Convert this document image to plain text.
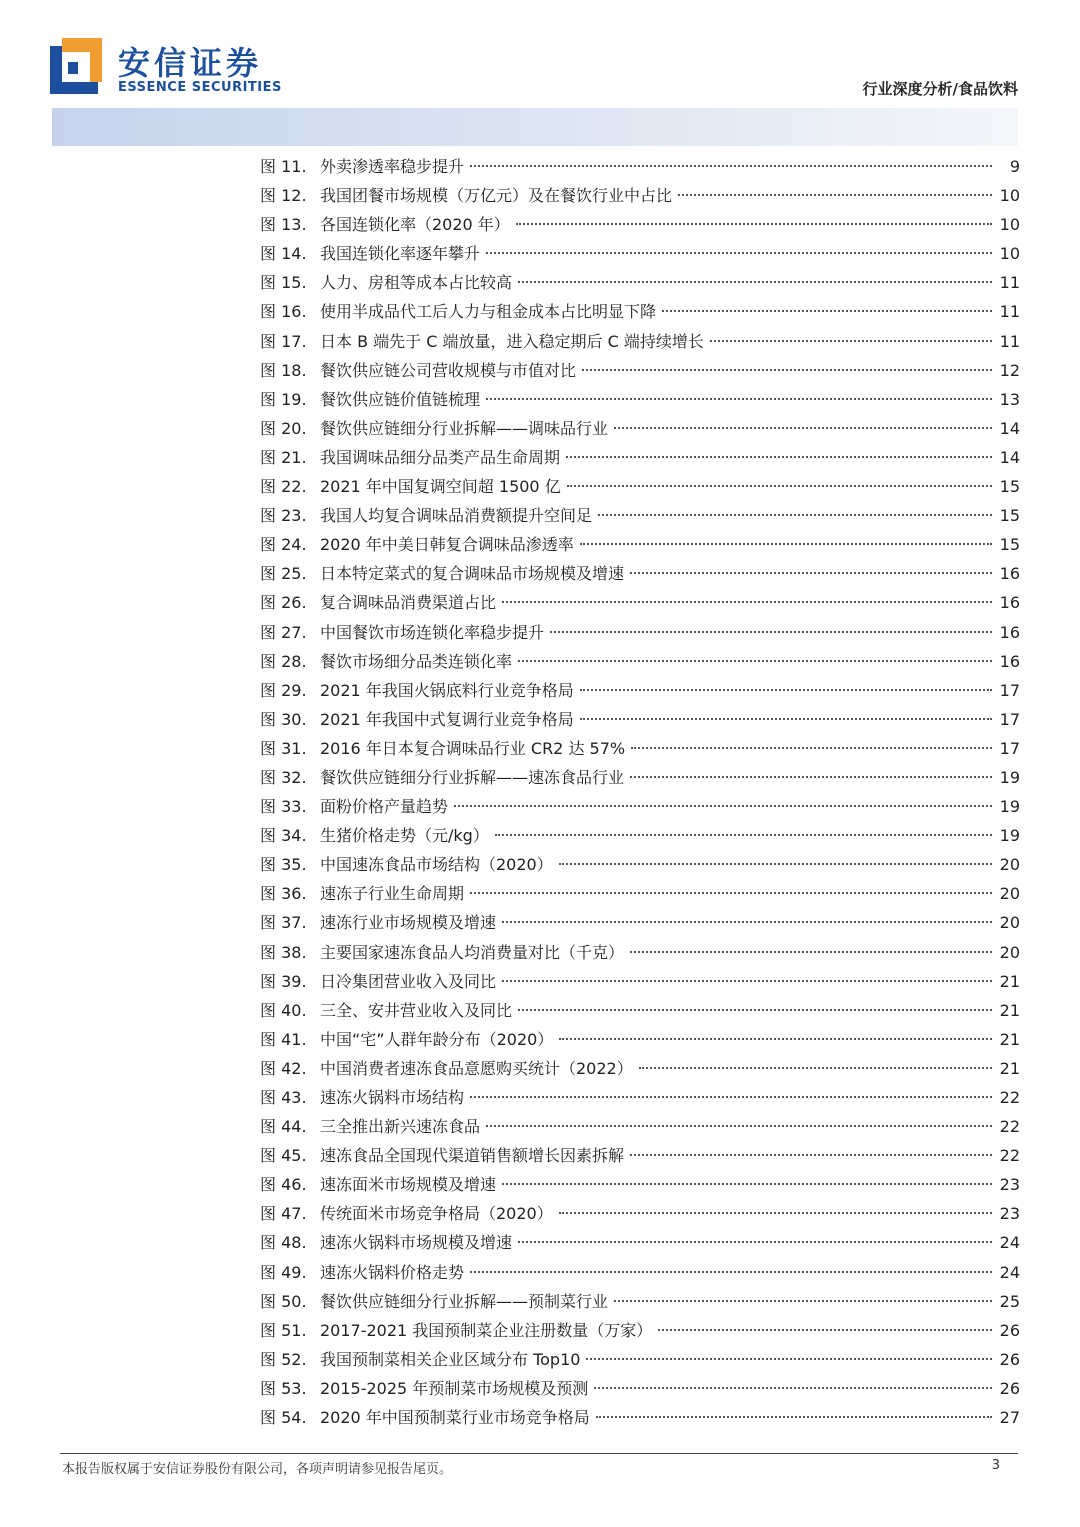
安信证券
ESSENCE SECURITIES	行业深度分析/食品饮料
图 11. 外卖渗透率稳步提升	9
图 12. 我国团餐市场规模（万亿元）及在餐饮行业中占比	10
图 13. 各国连锁化率（2020 年）	10
图 14. 我国连锁化率逐年攀升	10
图 15. 人力、房租等成本占比较高	11
图 16. 使用半成品代工后人力与租金成本占比明显下降	11
图 17. 日本 B 端先于 C 端放量，进入稳定期后 C 端持续增长	11
图 18. 餐饮供应链公司营收规模与市值对比	12
图 19. 餐饮供应链价值链梳理	13
图 20. 餐饮供应链细分行业拆解——调味品行业	14
图 21. 我国调味品细分品类产品生命周期	14
图 22. 2021 年中国复调空间超 1500 亿	15
图 23. 我国人均复合调味品消费额提升空间足	15
图 24. 2020 年中美日韩复合调味品渗透率	15
图 25. 日本特定菜式的复合调味品市场规模及增速	16
图 26. 复合调味品消费渠道占比	16
图 27. 中国餐饮市场连锁化率稳步提升	16
图 28. 餐饮市场细分品类连锁化率	16
图 29. 2021 年我国火锅底料行业竞争格局	17
图 30. 2021 年我国中式复调行业竞争格局	17
图 31. 2016 年日本复合调味品行业 CR2 达 57%	17
图 32. 餐饮供应链细分行业拆解——速冻食品行业	19
图 33. 面粉价格产量趋势	19
图 34. 生猪价格走势（元/kg）	19
图 35. 中国速冻食品市场结构（2020）	20
图 36. 速冻子行业生命周期	20
图 37. 速冻行业市场规模及增速	20
图 38. 主要国家速冻食品人均消费量对比（千克）	20
图 39. 日冷集团营业收入及同比	21
图 40. 三全、安井营业收入及同比	21
图 41. 中国“宅”人群年龄分布（2020）	21
图 42. 中国消费者速冻食品意愿购买统计（2022）	21
图 43. 速冻火锅料市场结构	22
图 44. 三全推出新兴速冻食品	22
图 45. 速冻食品全国现代渠道销售额增长因素拆解	22
图 46. 速冻面米市场规模及增速	23
图 47. 传统面米市场竞争格局（2020）	23
图 48. 速冻火锅料市场规模及增速	24
图 49. 速冻火锅料价格走势	24
图 50. 餐饮供应链细分行业拆解——预制菜行业	25
图 51. 2017-2021 我国预制菜企业注册数量（万家）	26
图 52. 我国预制菜相关企业区域分布 Top10	26
图 53. 2015-2025 年预制菜市场规模及预测	26
图 54. 2020 年中国预制菜行业市场竞争格局	27
本报告版权属于安信证券股份有限公司，各项声明请参见报告尾页。	3
